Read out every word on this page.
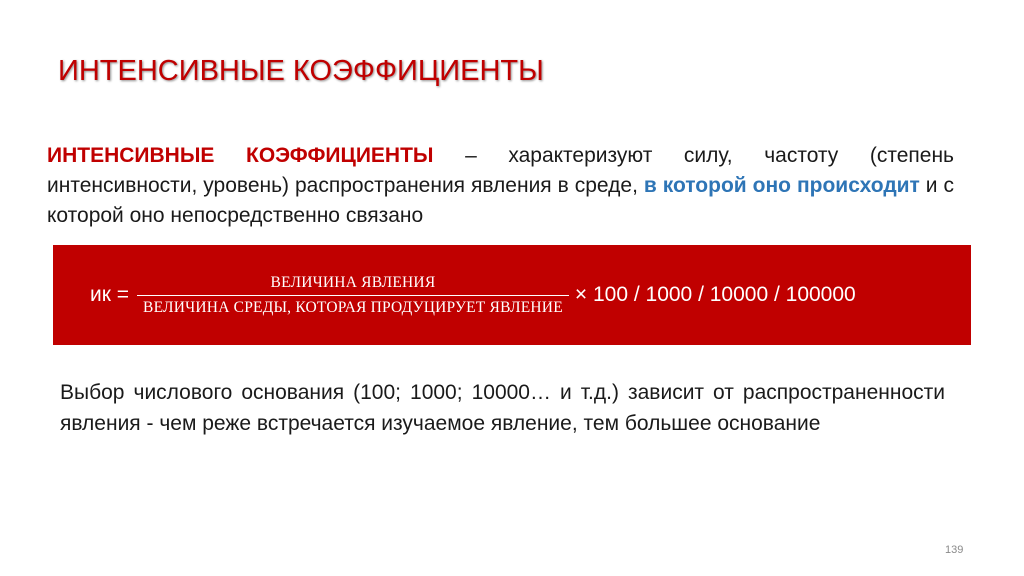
ИНТЕНСИВНЫЕ КОЭФФИЦИЕНТЫ
ИНТЕНСИВНЫЕ КОЭФФИЦИЕНТЫ – характеризуют силу, частоту (степень интенсивности, уровень) распространения явления в среде, в которой оно происходит и с которой оно непосредственно связано
ик = $\frac{\text{ВЕЛИЧИНА ЯВЛЕНИЯ}}{\text{ВЕЛИЧИНА СРЕДЫ, КОТОРАЯ ПРОДУЦИРУЕТ ЯВЛЕНИЕ}} \times 100 / 1000 / 10000 / 100000$
Выбор числового основания (100; 1000; 10000… и т.д.) зависит от распространенности явления - чем реже встречается изучаемое явление, тем большее основание
139
